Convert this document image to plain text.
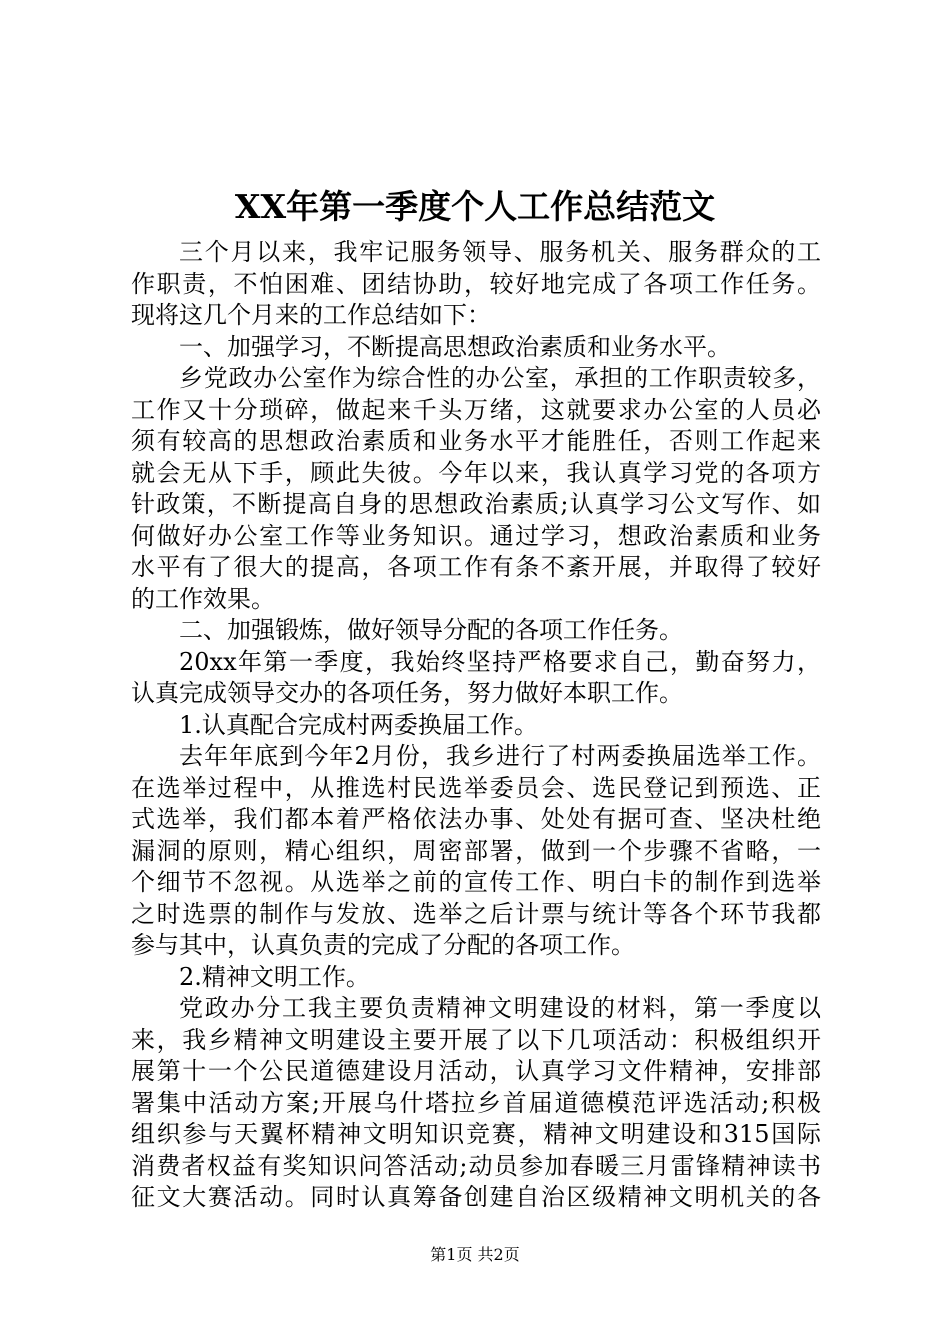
XX年第一季度个人工作总结范文
三个月以来，我牢记服务领导、服务机关、服务群众的工
作职责，不怕困难、团结协助，较好地完成了各项工作任务。
现将这几个月来的工作总结如下：
一、加强学习，不断提高思想政治素质和业务水平。
乡党政办公室作为综合性的办公室，承担的工作职责较多，
工作又十分琐碎，做起来千头万绪，这就要求办公室的人员必
须有较高的思想政治素质和业务水平才能胜任，否则工作起来
就会无从下手，顾此失彼。今年以来，我认真学习党的各项方
针政策，不断提高自身的思想政治素质;认真学习公文写作、如
何做好办公室工作等业务知识。通过学习，想政治素质和业务
水平有了很大的提高，各项工作有条不紊开展，并取得了较好
的工作效果。
二、加强锻炼，做好领导分配的各项工作任务。
20xx年第一季度，我始终坚持严格要求自己，勤奋努力，
认真完成领导交办的各项任务，努力做好本职工作。
1.认真配合完成村两委换届工作。
去年年底到今年2月份，我乡进行了村两委换届选举工作。
在选举过程中，从推选村民选举委员会、选民登记到预选、正
式选举，我们都本着严格依法办事、处处有据可查、坚决杜绝
漏洞的原则，精心组织，周密部署，做到一个步骤不省略，一
个细节不忽视。从选举之前的宣传工作、明白卡的制作到选举
之时选票的制作与发放、选举之后计票与统计等各个环节我都
参与其中，认真负责的完成了分配的各项工作。
2.精神文明工作。
党政办分工我主要负责精神文明建设的材料，第一季度以
来，我乡精神文明建设主要开展了以下几项活动：积极组织开
展第十一个公民道德建设月活动，认真学习文件精神，安排部
署集中活动方案;开展乌什塔拉乡首届道德模范评选活动;积极
组织参与天翼杯精神文明知识竞赛，精神文明建设和315国际
消费者权益有奖知识问答活动;动员参加春暖三月雷锋精神读书
征文大赛活动。同时认真筹备创建自治区级精神文明机关的各
第1页 共2页
